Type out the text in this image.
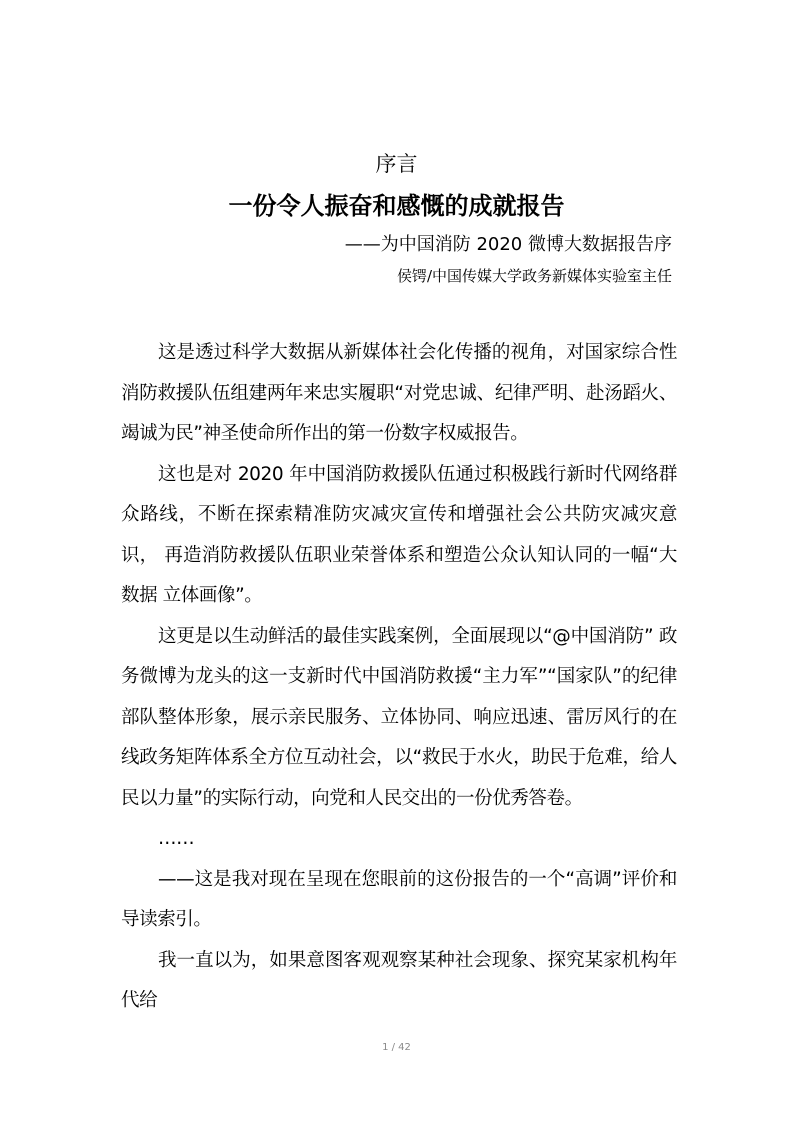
序言
一份令人振奋和感慨的成就报告
——为中国消防 2020 微博大数据报告序
侯锷/中国传媒大学政务新媒体实验室主任

这是透过科学大数据从新媒体社会化传播的视角，对国家综合性消防救援队伍组建两年来忠实履职“对党忠诚、纪律严明、赴汤蹈火、竭诚为民”神圣使命所作出的第一份数字权威报告。

这也是对 2020 年中国消防救援队伍通过积极践行新时代网络群众路线，不断在探索精准防灾减灾宣传和增强社会公共防灾减灾意识， 再造消防救援队伍职业荣誉体系和塑造公众认知认同的一幅“大数据 立体画像”。

这更是以生动鲜活的最佳实践案例，全面展现以“@中国消防” 政务微博为龙头的这一支新时代中国消防救援“主力军”“国家队”的纪律部队整体形象，展示亲民服务、立体协同、响应迅速、雷厉风行的在线政务矩阵体系全方位互动社会，以“救民于水火，助民于危难，给人民以力量”的实际行动，向党和人民交出的一份优秀答卷。

……

——这是我对现在呈现在您眼前的这份报告的一个“高调”评价和导读索引。

我一直以为，如果意图客观观察某种社会现象、探究某家机构年代给

1 / 42
